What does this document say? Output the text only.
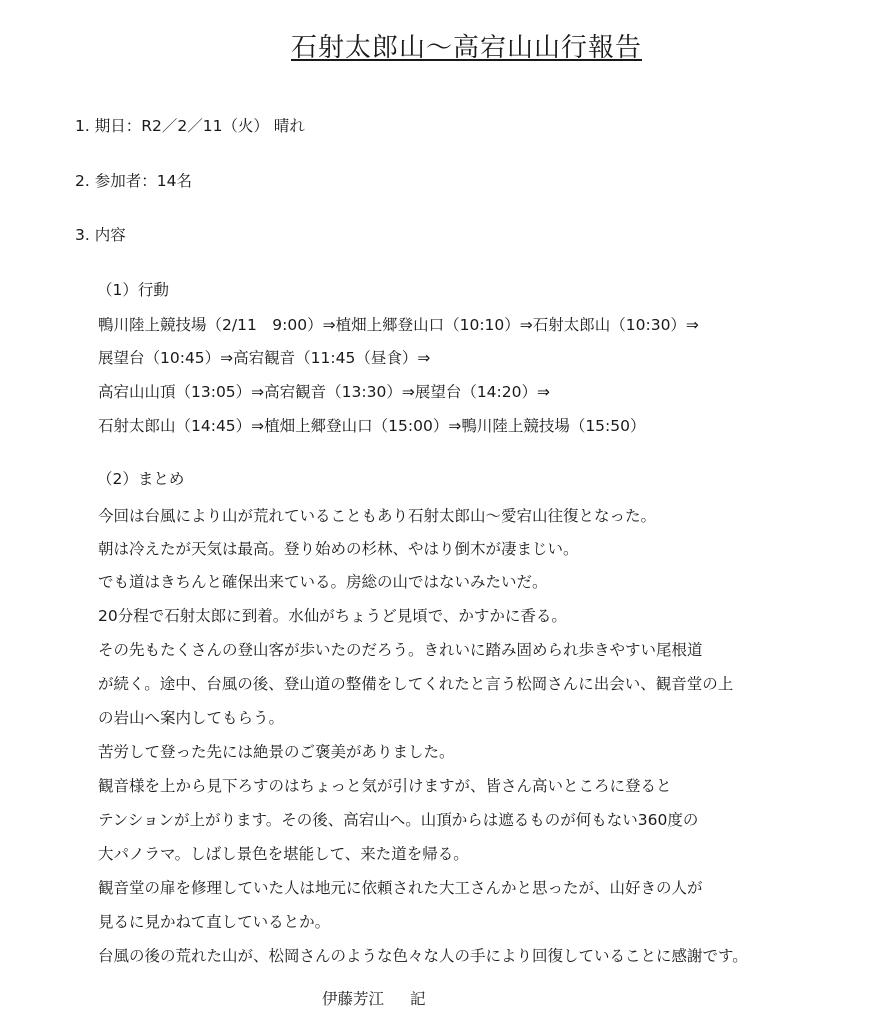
石射太郎山～高宕山山行報告
1. 期日：R2／2／11（火） 晴れ
2. 参加者：14名
3. 内容
（1）行動
鴨川陸上競技場（2/11　9:00）⇒植畑上郷登山口（10:10）⇒石射太郎山（10:30）⇒
展望台（10:45）⇒高宕観音（11:45（昼食）⇒
高宕山山頂（13:05）⇒高宕観音（13:30）⇒展望台（14:20）⇒
石射太郎山（14:45）⇒植畑上郷登山口（15:00）⇒鴨川陸上競技場（15:50）
（2）まとめ
今回は台風により山が荒れていることもあり石射太郎山～愛宕山往復となった。
朝は冷えたが天気は最高。登り始めの杉林、やはり倒木が凄まじい。
でも道はきちんと確保出来ている。房総の山ではないみたいだ。
20分程で石射太郎に到着。水仙がちょうど見頃で、かすかに香る。
その先もたくさんの登山客が歩いたのだろう。きれいに踏み固められ歩きやすい尾根道
が続く。途中、台風の後、登山道の整備をしてくれたと言う松岡さんに出会い、観音堂の上
の岩山へ案内してもらう。
苦労して登った先には絶景のご褒美がありました。
観音様を上から見下ろすのはちょっと気が引けますが、皆さん高いところに登ると
テンションが上がります。その後、高宕山へ。山頂からは遮るものが何もない360度の
大パノラマ。しばし景色を堪能して、来た道を帰る。
観音堂の扉を修理していた人は地元に依頼された大工さんかと思ったが、山好きの人が
見るに見かねて直しているとか。
台風の後の荒れた山が、松岡さんのような色々な人の手により回復していることに感謝です。
伊藤芳江 記
